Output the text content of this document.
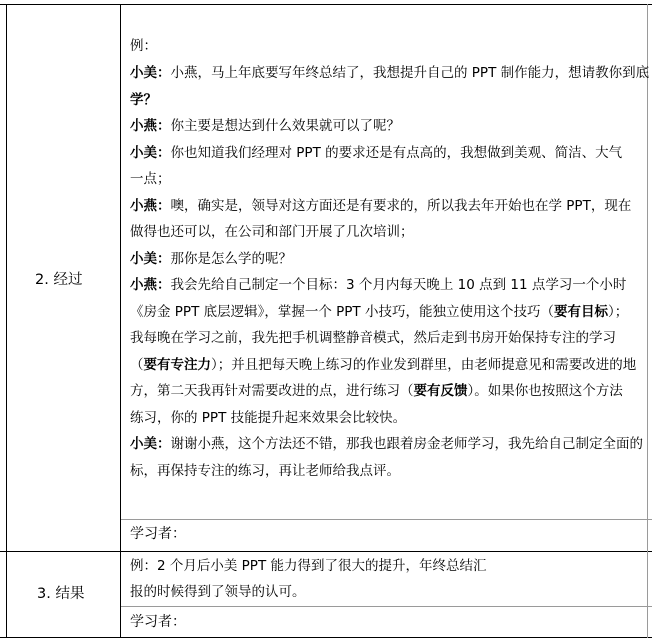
2. 经过
3. 结果
例：
小美：小燕，马上年底要写年终总结了，我想提升自己的 PPT 制作能力，想请教你到底
学？
小燕：你主要是想达到什么效果就可以了呢？
小美：你也知道我们经理对 PPT 的要求还是有点高的，我想做到美观、简洁、大气
一点；
小燕：噢，确实是，领导对这方面还是有要求的，所以我去年开始也在学 PPT，现在
做得也还可以，在公司和部门开展了几次培训；
小美：那你是怎么学的呢？
小燕：我会先给自己制定一个目标：3 个月内每天晚上 10 点到 11 点学习一个小时
《房金 PPT 底层逻辑》，掌握一个 PPT 小技巧，能独立使用这个技巧（要有目标）；
我每晚在学习之前，我先把手机调整静音模式，然后走到书房开始保持专注的学习
（要有专注力）；并且把每天晚上练习的作业发到群里，由老师提意见和需要改进的地
方，第二天我再针对需要改进的点，进行练习（要有反馈）。如果你也按照这个方法
练习，你的 PPT 技能提升起来效果会比较快。
小美：谢谢小燕，这个方法还不错，那我也跟着房金老师学习，我先给自己制定全面的
标，再保持专注的练习，再让老师给我点评。
学习者：
例：2 个月后小美 PPT 能力得到了很大的提升，年终总结汇
报的时候得到了领导的认可。
学习者：
